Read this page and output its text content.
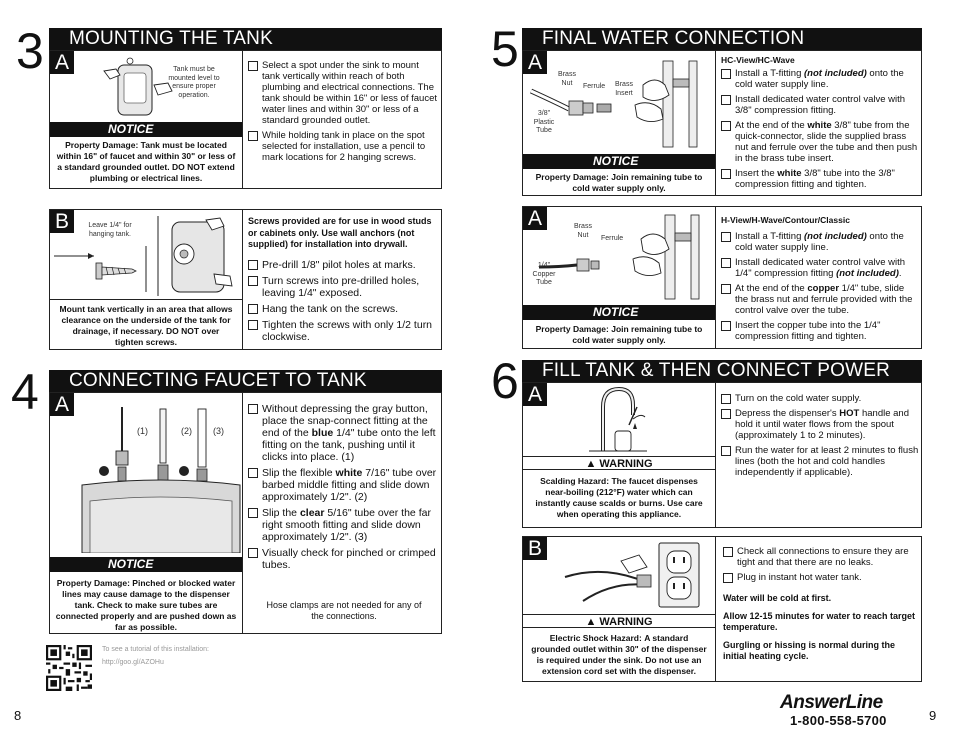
3	MOUNTING THE TANK
A	Tank must be mounted level to ensure proper operation.
NOTICE
Property Damage: Tank must be located within 16" of faucet and within 30" or less of a standard grounded outlet. DO NOT extend plumbing or electrical lines.
Select a spot under the sink to mount tank vertically within reach of both plumbing and electrical connections. The tank should be within 16" or less of faucet water lines and within 30" or less of a standard grounded outlet.
While holding tank in place on the spot selected for installation, use a pencil to mark locations for 2 hanging screws.
B	Leave 1/4" for hanging tank.
Mount tank vertically in an area that allows clearance on the underside of the tank for drainage, if necessary. DO NOT over tighten screws.
Screws provided are for use in wood studs or cabinets only. Use wall anchors (not supplied) for installation into drywall.
Pre-drill 1/8" pilot holes at marks.
Turn screws into pre-drilled holes, leaving 1/4" exposed.
Hang the tank on the screws.
Tighten the screws with only 1/2 turn clockwise.
4	CONNECTING FAUCET TO TANK
A
(1)	(2) (3)
NOTICE
Property Damage: Pinched or blocked water lines may cause damage to the dispenser tank. Check to make sure tubes are connected properly and are pushed down as far as possible.
Without depressing the gray button, place the snap-connect fitting at the end of the blue 1/4" tube onto the left fitting on the tank, pushing until it clicks into place. (1)
Slip the flexible white 7/16" tube over barbed middle fitting and slide down approximately 1/2". (2)
Slip the clear 5/16" tube over the far right smooth fitting and slide down approximately 1/2". (3)
Visually check for pinched or crimped tubes.
Hose clamps are not needed for any of the connections.
To see a tutorial of this installation:
http://goo.gl/AZOHu
8
5	FINAL WATER CONNECTION
A
Brass Nut	Ferrule	Brass Insert
3/8" Plastic Tube
NOTICE
Property Damage: Join remaining tube to cold water supply only.
HC-View/HC-Wave
Install a T-fitting (not included) onto the cold water supply line.
Install dedicated water control valve with 3/8" compression fitting.
At the end of the white 3/8" tube from the quick-connector, slide the supplied brass nut and ferrule over the tube and then push in the brass tube insert.
Insert the white 3/8" tube into the 3/8" compression fitting and tighten.
A	Brass Nut	Ferrule
1/4" Copper Tube
NOTICE
Property Damage: Join remaining tube to cold water supply only.
H-View/H-Wave/Contour/Classic
Install a T-fitting (not included) onto the cold water supply line.
Install dedicated water control valve with 1/4" compression fitting (not included).
At the end of the copper 1/4" tube, slide the brass nut and ferrule provided with the control valve over the tube.
Insert the copper tube into the 1/4" compression fitting and tighten.
6	FILL TANK & THEN CONNECT POWER
A
▲ WARNING
Scalding Hazard: The faucet dispenses near-boiling (212°F) water which can instantly cause scalds or burns. Use care when operating this appliance.
Turn on the cold water supply.
Depress the dispenser's HOT handle and hold it until water flows from the spout (approximately 1 to 2 minutes).
Run the water for at least 2 minutes to flush lines (both the hot and cold handles independently if applicable).
B
▲ WARNING
Electric Shock Hazard: A standard grounded outlet within 30" of the dispenser is required under the sink. Do not use an extension cord set with the dispenser.
Check all connections to ensure they are tight and that there are no leaks.
Plug in instant hot water tank.
Water will be cold at first.
Allow 12-15 minutes for water to reach target temperature.
Gurgling or hissing is normal during the initial heating cycle.
AnswerLine
1-800-558-5700	9
